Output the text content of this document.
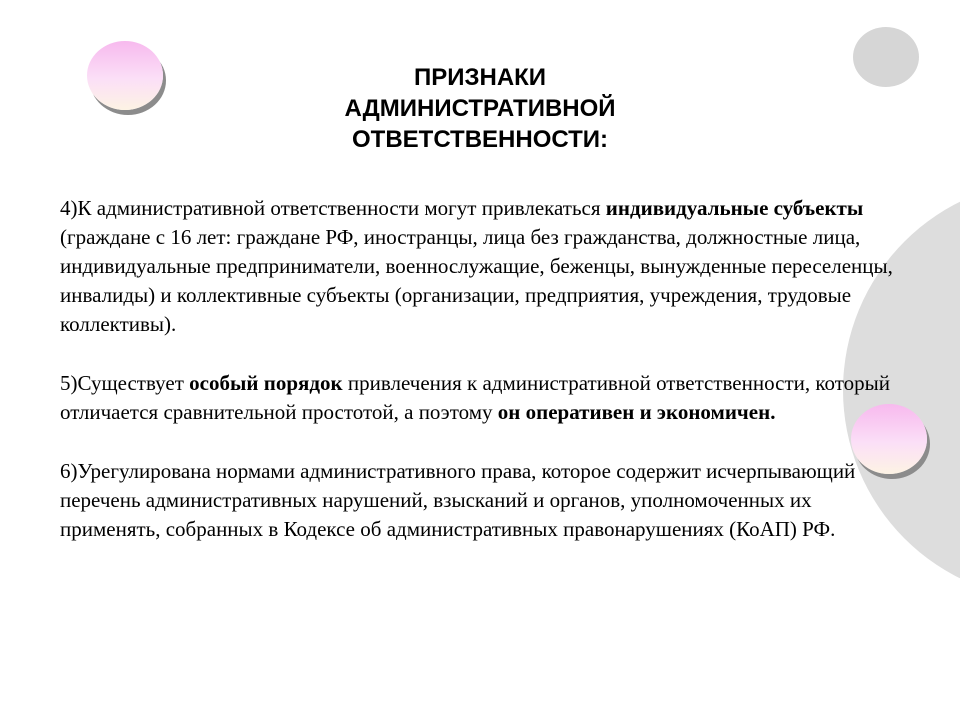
ПРИЗНАКИ
АДМИНИСТРАТИВНОЙ
ОТВЕТСТВЕННОСТИ:

4)К административной ответственности могут привлекаться индивидуальные субъекты (граждане с 16 лет: граждане РФ, иностранцы, лица без гражданства, должностные лица, индивидуальные предприниматели, военнослужащие, беженцы, вынужденные переселенцы, инвалиды) и коллективные субъекты (организации, предприятия, учреждения, трудовые коллективы).

5)Существует особый порядок привлечения к административной ответственности, который отличается сравнительной простотой, а поэтому он оперативен и экономичен.

6)Урегулирована нормами административного права, которое содержит исчерпывающий перечень административных нарушений, взысканий и органов, уполномоченных их применять, собранных в Кодексе об административных правонарушениях (КоАП) РФ.
